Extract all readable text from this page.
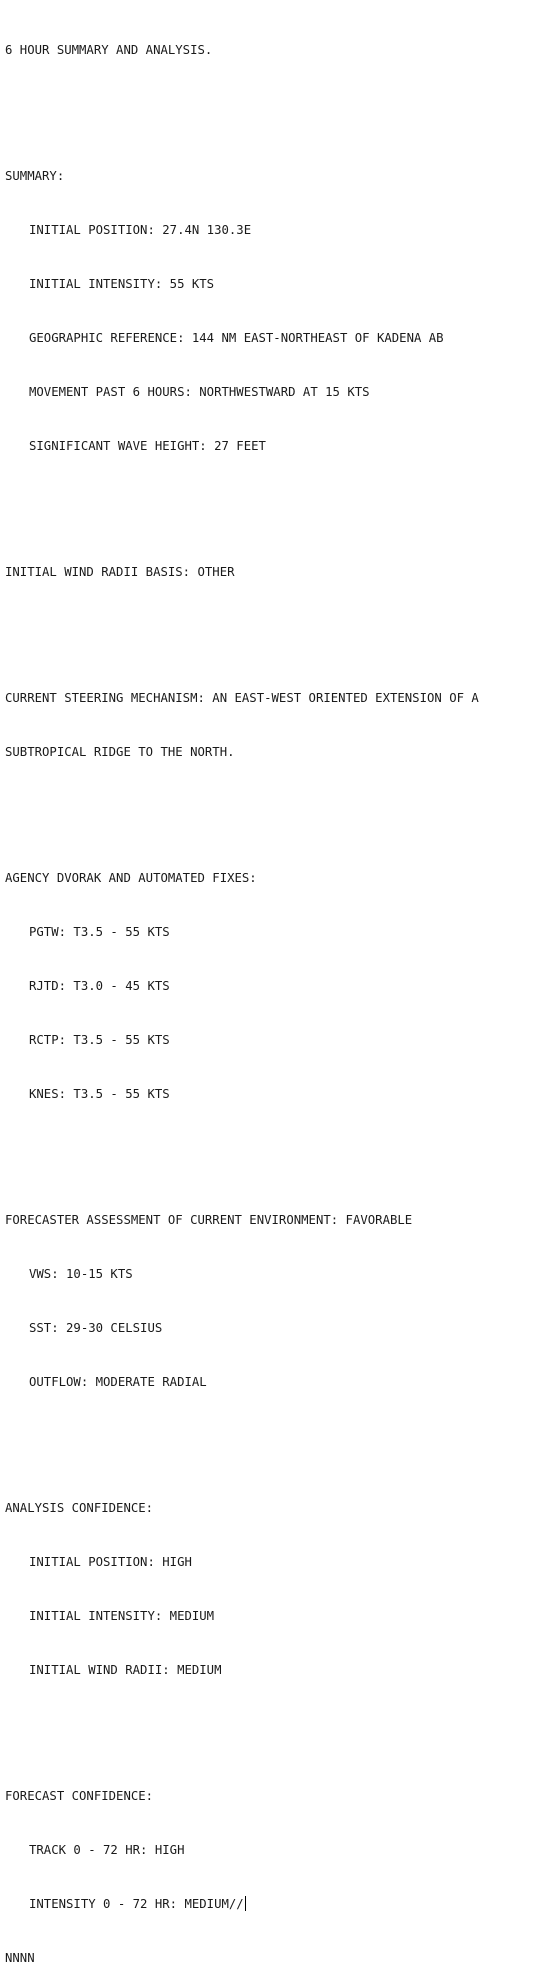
6 HOUR SUMMARY AND ANALYSIS.

SUMMARY:

INITIAL POSITION: 27.4N 130.3E

INITIAL INTENSITY: 55 KTS

GEOGRAPHIC REFERENCE: 144 NM EAST-NORTHEAST OF KADENA AB

MOVEMENT PAST 6 HOURS: NORTHWESTWARD AT 15 KTS

SIGNIFICANT WAVE HEIGHT: 27 FEET

INITIAL WIND RADII BASIS: OTHER

CURRENT STEERING MECHANISM: AN EAST-WEST ORIENTED EXTENSION OF A

SUBTROPICAL RIDGE TO THE NORTH.

AGENCY DVORAK AND AUTOMATED FIXES:

PGTW: T3.5 - 55 KTS

RJTD: T3.0 - 45 KTS

RCTP: T3.5 - 55 KTS

KNES: T3.5 - 55 KTS

FORECASTER ASSESSMENT OF CURRENT ENVIRONMENT: FAVORABLE

VWS: 10-15 KTS

SST: 29-30 CELSIUS

OUTFLOW: MODERATE RADIAL

ANALYSIS CONFIDENCE:

INITIAL POSITION: HIGH

INITIAL INTENSITY: MEDIUM

INITIAL WIND RADII: MEDIUM

FORECAST CONFIDENCE:

TRACK 0 - 72 HR: HIGH

INTENSITY 0 - 72 HR: MEDIUM//

NNNN
